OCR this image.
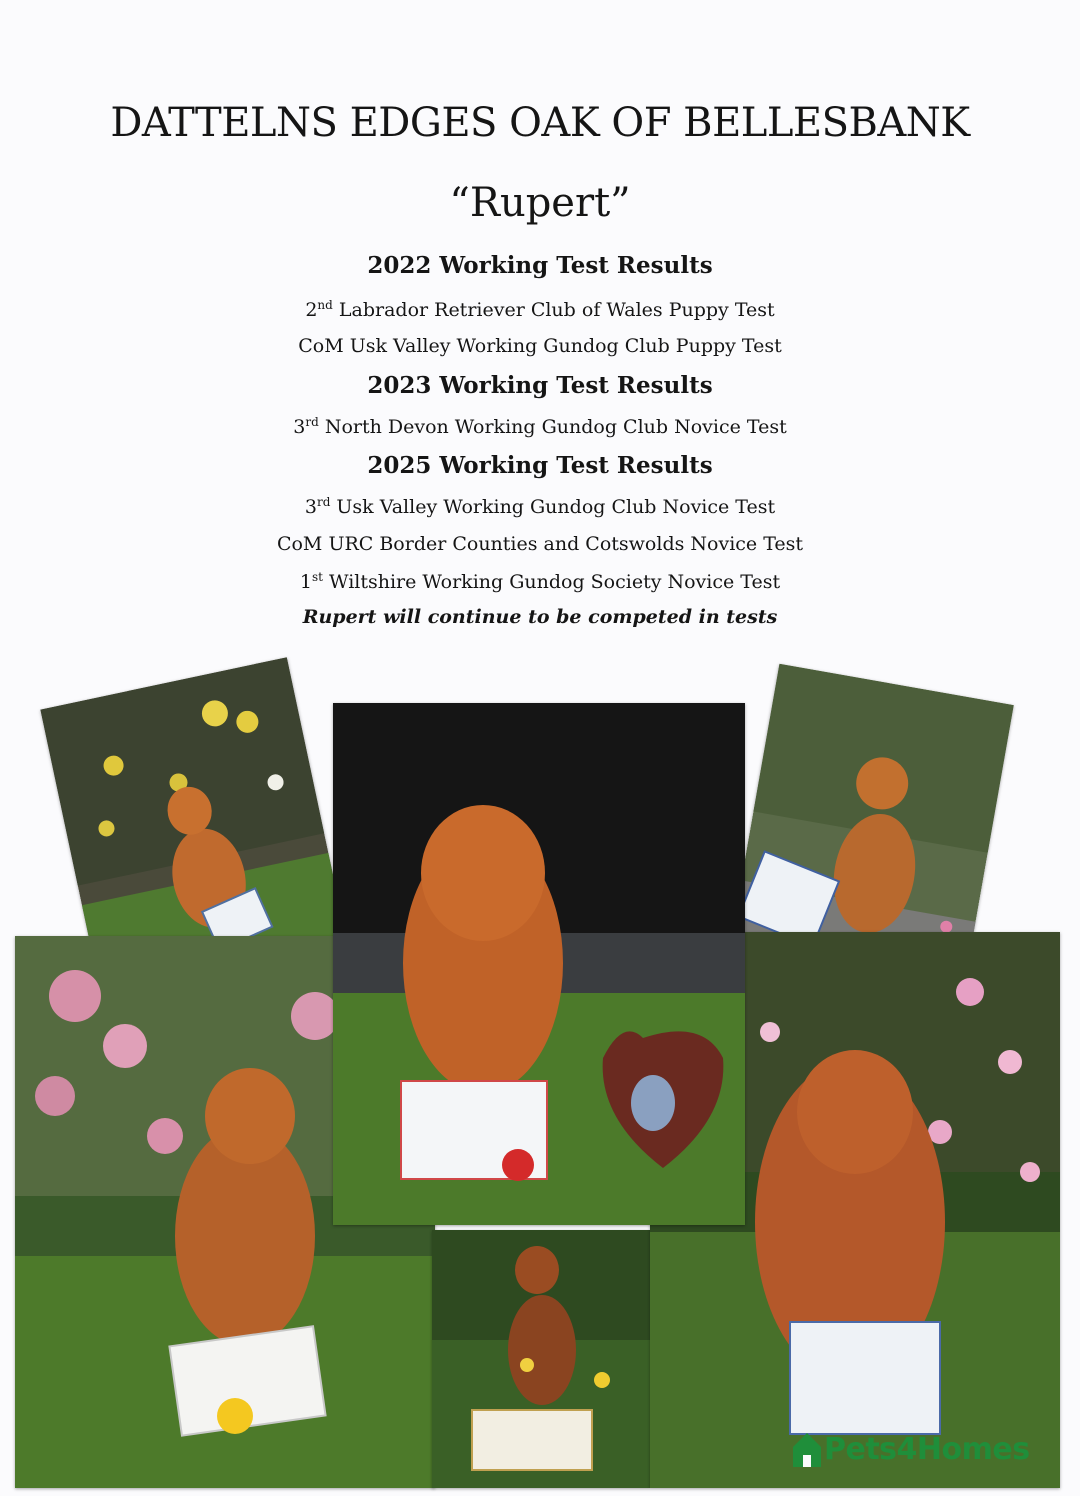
DATTELNS EDGES OAK OF BELLESBANK
“Rupert”
2022 Working Test Results
2nd Labrador Retriever Club of Wales Puppy Test
CoM Usk Valley Working Gundog Club Puppy Test
2023 Working Test Results
3rd North Devon Working Gundog Club Novice Test
2025 Working Test Results
3rd Usk Valley Working Gundog Club Novice Test
CoM URC Border Counties and Cotswolds Novice Test
1st Wiltshire Working Gundog Society Novice Test
Rupert will continue to be competed in tests
Pets4Homes
